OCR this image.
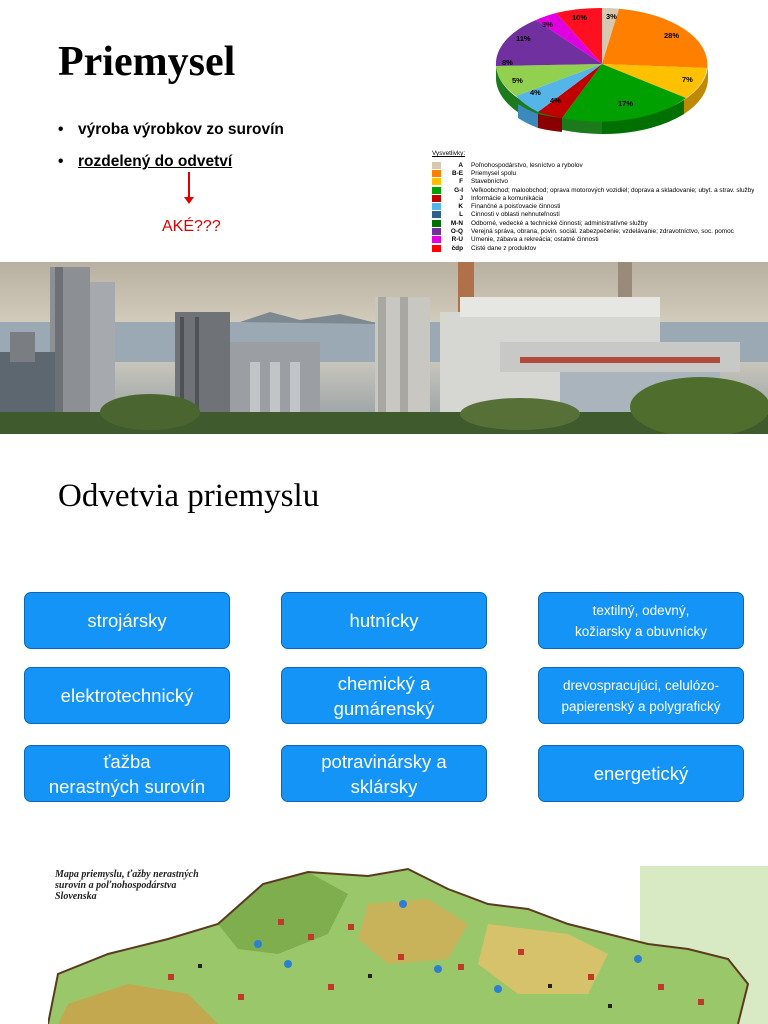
Priemysel
• výroba výrobkov zo surovín
• rozdelený do odvetví
AKÉ???
3%
28%
7%
17%
4%
4%
5%
8%
11%
3%
10%
Vysvetlivky:
A Poľnohospodárstvo, lesníctvo a rybolov
B-E Priemysel spolu
F Stavebníctvo
G-I Veľkoobchod; maloobchod; oprava motorových vozidiel; doprava a skladovanie; ubyt. a strav. služby
J Informácie a komunikácia
K Finančné a poisťovacie činnosti
L Činnosti v oblasti nehnuteľností
M-N Odborné, vedecké a technické činnosti; administratívne služby
O-Q Verejná správa, obrana, povin. sociál. zabezpečenie; vzdelávanie; zdravotníctvo, soc. pomoc
R-U Umenie, zábava a rekreácia; ostatné činnosti
čdp Čisté dane z produktov
Odvetvia priemyslu
strojársky	hutnícky	textilný, odevný,
kožiarsky a obuvnícky
elektrotechnický
chemický a
gumárenský
drevospracujúci, celulózo-
papierenský a polygrafický
ťažba
nerastných surovín
potravinársky a
sklársky
energetický
Mapa priemyslu, ťažby nerastných
surovín a poľnohospodárstva
Slovenska
